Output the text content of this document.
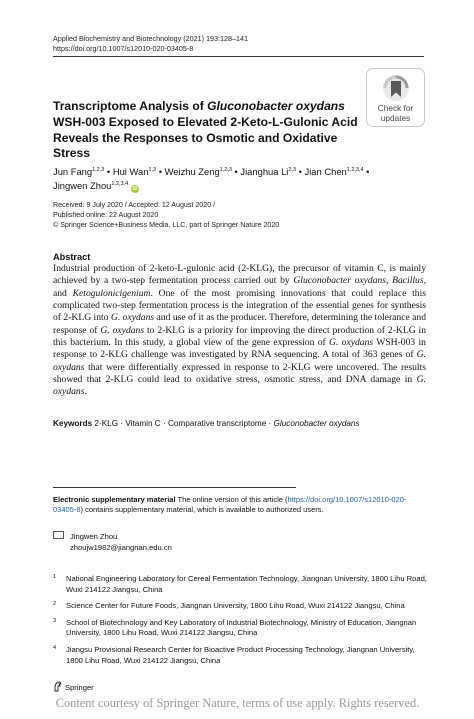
Applied Biochemistry and Biotechnology (2021) 193:128–141
https://doi.org/10.1007/s12010-020-03405-8
Check for
updates
Transcriptome Analysis of Gluconobacter oxydans WSH-003 Exposed to Elevated 2-Keto-L-Gulonic Acid Reveals the Responses to Osmotic and Oxidative Stress
Jun Fang$^{1,2,3}$ • Hui Wan$^{1,3}$ • Weizhu Zeng$^{1,2,3}$ • Jianghua Li$^{2,3}$ • Jian Chen$^{1,2,3,4}$ •
Jingwen Zhou$^{1,2,3,4}$iD
Received: 9 July 2020 / Accepted: 12 August 2020 /
Published online: 22 August 2020
© Springer Science+Business Media, LLC, part of Springer Nature 2020
Abstract
Industrial production of 2-keto-L-gulonic acid (2-KLG), the precursor of vitamin C, is mainly achieved by a two-step fermentation process carried out by Gluconobacter oxydans, Bacillus, and Ketogulonicigenium. One of the most promising innovations that could replace this complicated two-step fermentation process is the integration of the essential genes for synthesis of 2-KLG into G. oxydans and use of it as the producer. Therefore, determining the tolerance and response of G. oxydans to 2-KLG is a priority for improving the direct production of 2-KLG in this bacterium. In this study, a global view of the gene expression of G. oxydans WSH-003 in response to 2-KLG challenge was investigated by RNA sequencing. A total of 363 genes of G. oxydans that were differentially expressed in response to 2-KLG were uncovered. The results showed that 2-KLG could lead to oxidative stress, osmotic stress, and DNA damage in G. oxydans.
Keywords 2-KLG · Vitamin C · Comparative transcriptome · Gluconobacter oxydans
Electronic supplementary material The online version of this article (https://doi.org/10.1007/s12010-020-03405-8) contains supplementary material, which is available to authorized users.
Jingwen Zhou
zhoujw1982@jiangnan.edu.cn
1 National Engineering Laboratory for Cereal Fermentation Technology, Jiangnan University, 1800 Lihu Road, Wuxi 214122 Jiangsu, China
2 Science Center for Future Foods, Jiangnan University, 1800 Lihu Road, Wuxi 214122 Jiangsu, China
3 School of Biotechnology and Key Laboratory of Industrial Biotechnology, Ministry of Education, Jiangnan University, 1800 Lihu Road, Wuxi 214122 Jiangsu, China
4 Jiangsu Provisional Research Center for Bioactive Product Processing Technology, Jiangnan University, 1800 Lihu Road, Wuxi 214122 Jiangsu, China
Springer
Content courtesy of Springer Nature, terms of use apply. Rights reserved.
